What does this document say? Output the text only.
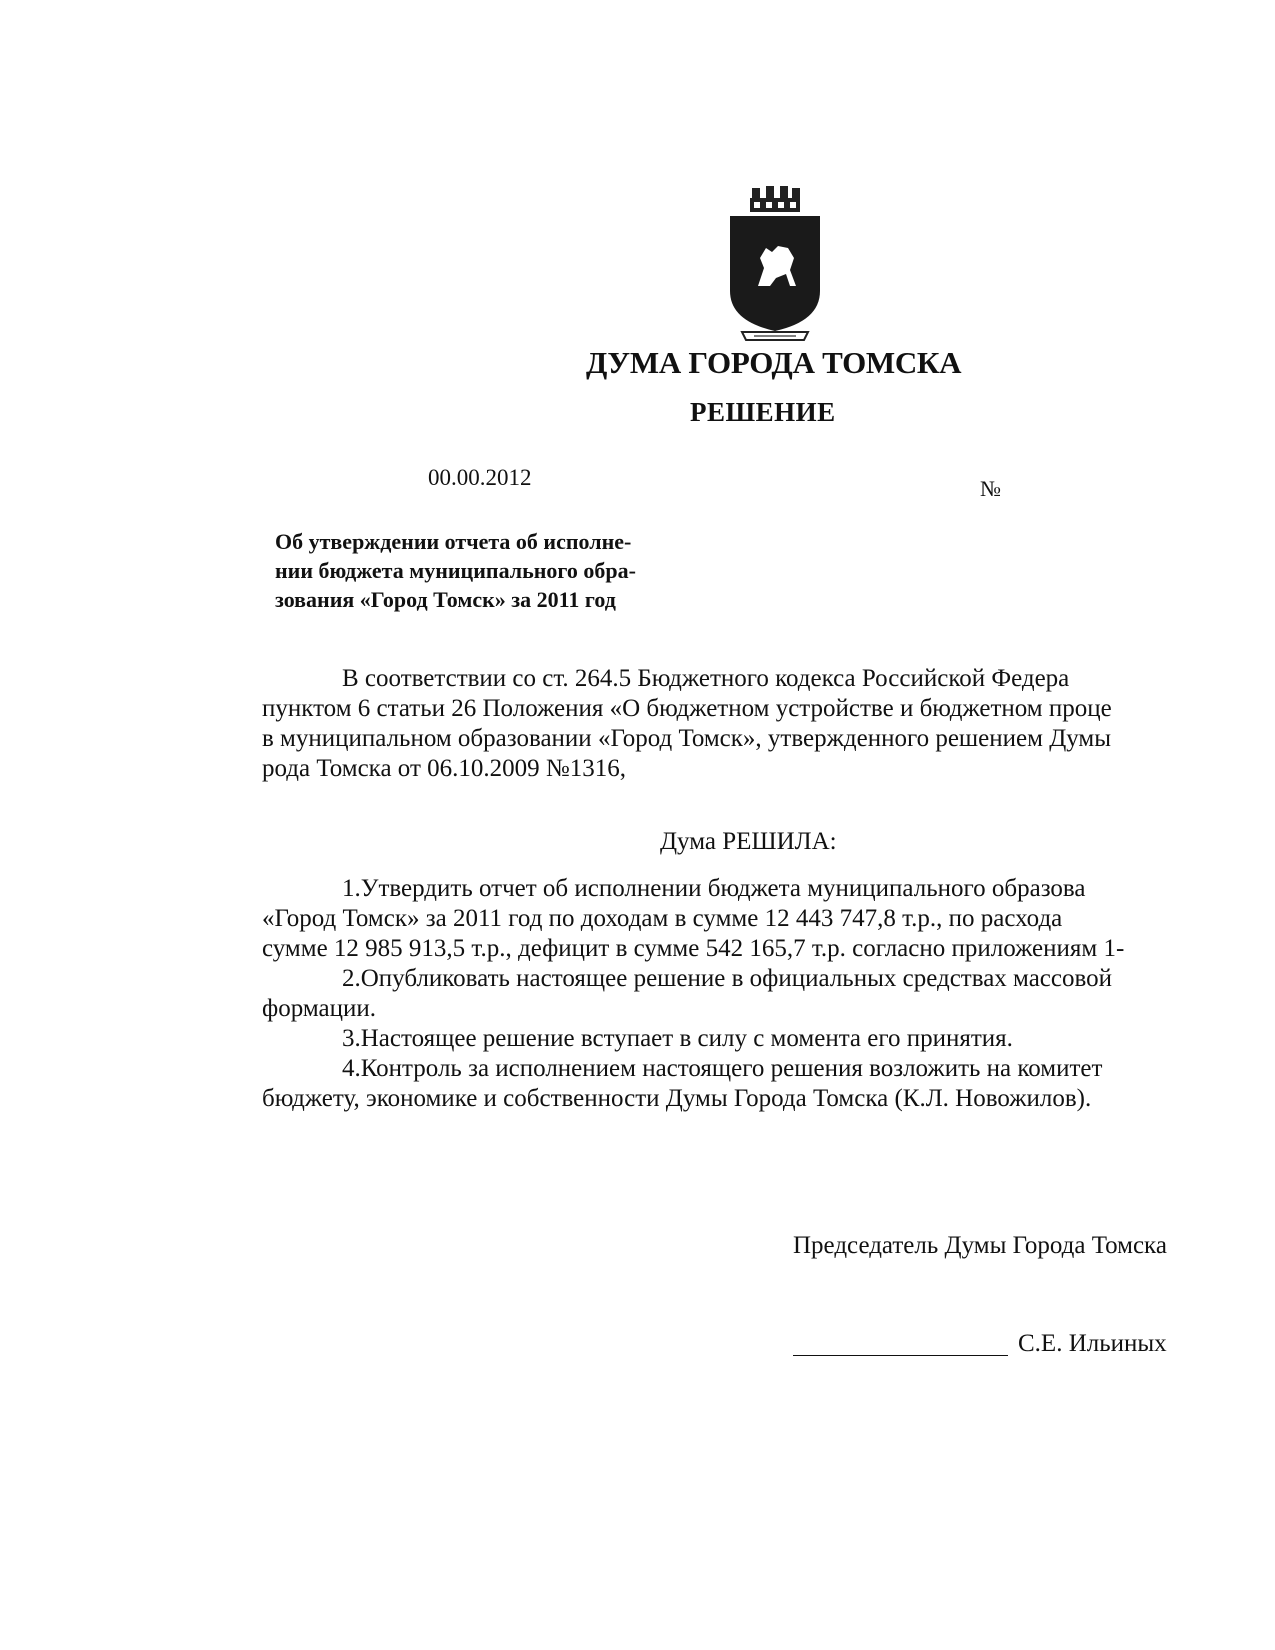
ДУМА ГОРОДА ТОМСКА
РЕШЕНИЕ
00.00.2012	№

Об утверждении отчета об исполне-
нии бюджета муниципального обра-
зования «Город Томск» за 2011 год

В соответствии со ст. 264.5 Бюджетного кодекса Российской Федера
пунктом 6 статьи 26 Положения «О бюджетном устройстве и бюджетном проце
в муниципальном образовании «Город Томск», утвержденного решением Думы
рода Томска от 06.10.2009 №1316,
Дума РЕШИЛА:
1.Утвердить отчет об исполнении бюджета муниципального образова
«Город Томск» за 2011 год по доходам в сумме 12 443 747,8 т.р., по расхода
сумме 12 985 913,5 т.р., дефицит в сумме 542 165,7 т.р. согласно приложениям 1-
2.Опубликовать настоящее решение в официальных средствах массовой
формации.
3.Настоящее решение вступает в силу с момента его принятия.
4.Контроль за исполнением настоящего решения возложить на комитет
бюджету, экономике и собственности Думы Города Томска (К.Л. Новожилов).
Председатель Думы Города Томска
С.Е. Ильиных
